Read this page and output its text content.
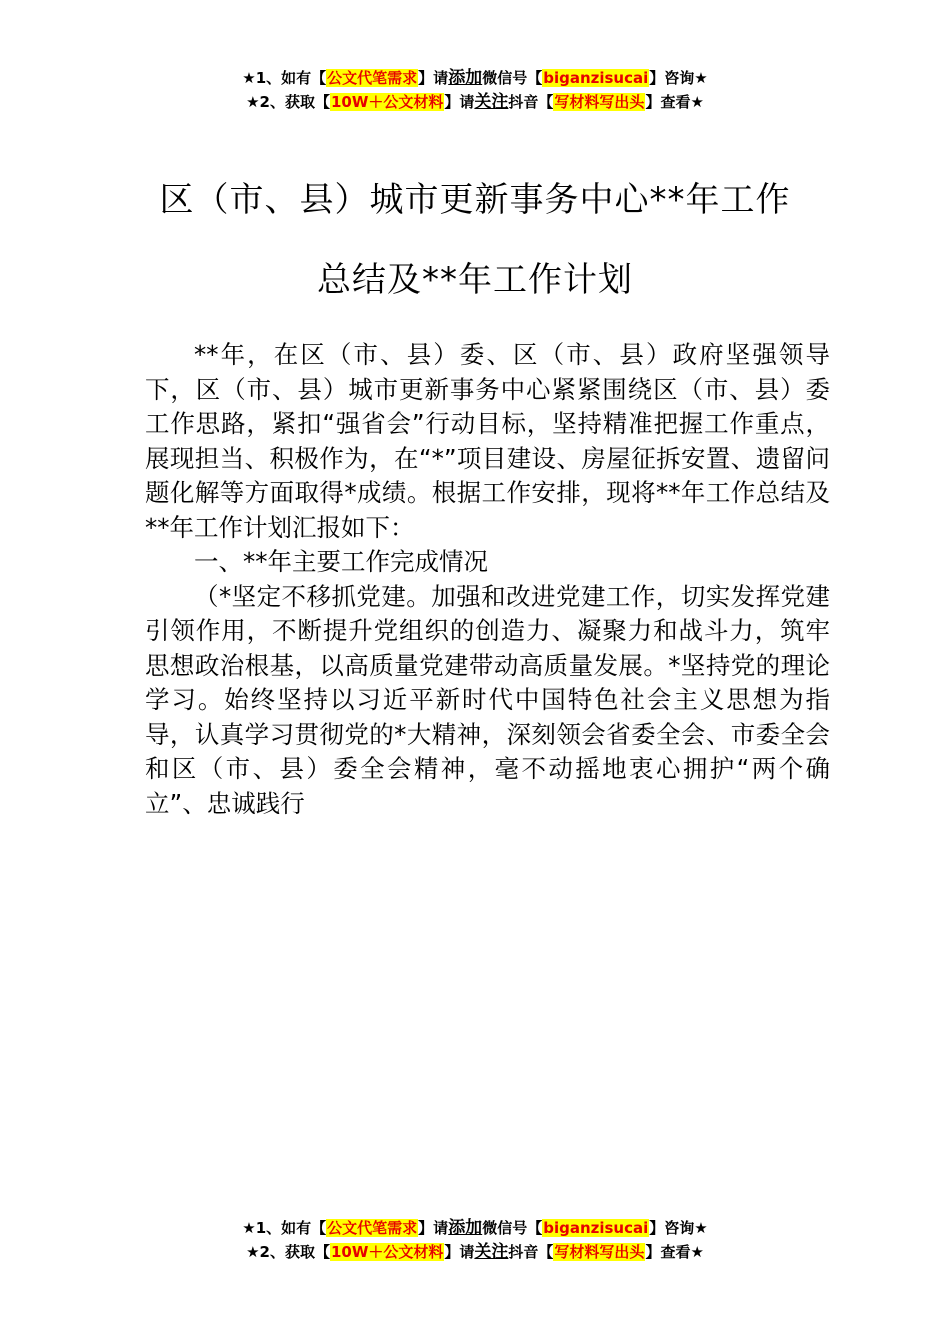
★1、如有【公文代笔需求】请添加微信号【biganzisucai】咨询★
★2、获取【10W＋公文材料】请关注抖音【写材料写出头】查看★
区（市、县）城市更新事务中心**年工作
总结及**年工作计划

**年，在区（市、县）委、区（市、县）政府坚强领导下，区（市、县）城市更新事务中心紧紧围绕区（市、县）委工作思路，紧扣“强省会”行动目标，坚持精准把握工作重点，展现担当、积极作为，在“*”项目建设、房屋征拆安置、遗留问题化解等方面取得*成绩。根据工作安排，现将**年工作总结及**年工作计划汇报如下：

一、**年主要工作完成情况

（*坚定不移抓党建。加强和改进党建工作，切实发挥党建引领作用，不断提升党组织的创造力、凝聚力和战斗力，筑牢思想政治根基，以高质量党建带动高质量发展。*坚持党的理论学习。始终坚持以习近平新时代中国特色社会主义思想为指导，认真学习贯彻党的*大精神，深刻领会省委全会、市委全会和区（市、县）委全会精神，毫不动摇地衷心拥护“两个确立”、忠诚践行

★1、如有【公文代笔需求】请添加微信号【biganzisucai】咨询★
★2、获取【10W＋公文材料】请关注抖音【写材料写出头】查看★
